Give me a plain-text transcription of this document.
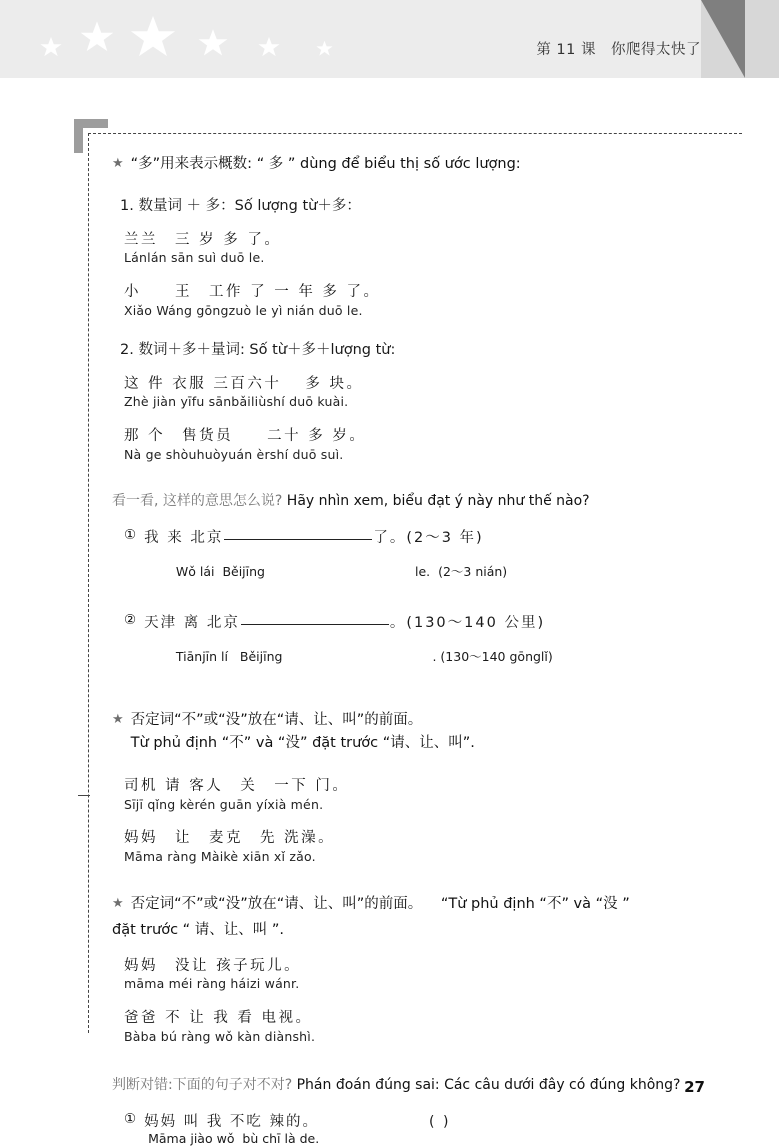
第 11 课　你爬得太快了
★ “多”用来表示概数: “ 多 ” dùng để biểu thị số ước lượng:
1. 数量词 ＋ 多：Số lượng từ＋多：
兰兰　三 岁 多 了。
Lánlán sān suì duō le.
小　　王　工作 了 一 年 多 了。
Xiǎo Wáng gōngzuò le yì nián duō le.
2. 数词＋多＋量词: Số từ＋多＋lượng từ:
这 件 衣服 三百六十　 多 块。
Zhè jiàn yīfu sānbǎiliùshí duō kuài.
那 个　售货员　　二十 多 岁。
Nà ge shòuhuòyuán èrshí duō suì.
看一看, 这样的意思怎么说? Hãy nhìn xem, biểu đạt ý này như thế nào?
① 我 来 北京	了。(2～3 年)

Wǒ lái  Běijīng	le.  (2～3 nián)

② 天津 离 北京	。(130～140 公里)

Tiānjīn lí   Běijīng	. (130～140 gōnglǐ)

★ 否定词“不”或“没”放在“请、让、叫”的前面。
Từ phủ định “不” và “没” đặt trước “请、让、叫”.
司机 请 客人　关　一下 门。
Sījī qǐng kèrén guān yíxià mén.
妈妈　让　麦克　先 洗澡。
Māma ràng Màikè xiān xǐ zǎo.
★ 否定词“不”或“没”放在“请、让、叫”的前面。 “Từ phủ định “不” và “没 ”
đặt trước “ 请、让、叫 ”.
妈妈　没让 孩子玩儿。
māma méi ràng háizi wánr.
爸爸 不 让 我 看 电视。
Bàba bú ràng wǒ kàn diànshì.
判断对错:下面的句子对不对? Phán đoán đúng sai: Các câu dưới đây có đúng không?
① 妈妈 叫 我 不吃 辣的。	( )
Māma jiào wǒ  bù chī là de.
27
